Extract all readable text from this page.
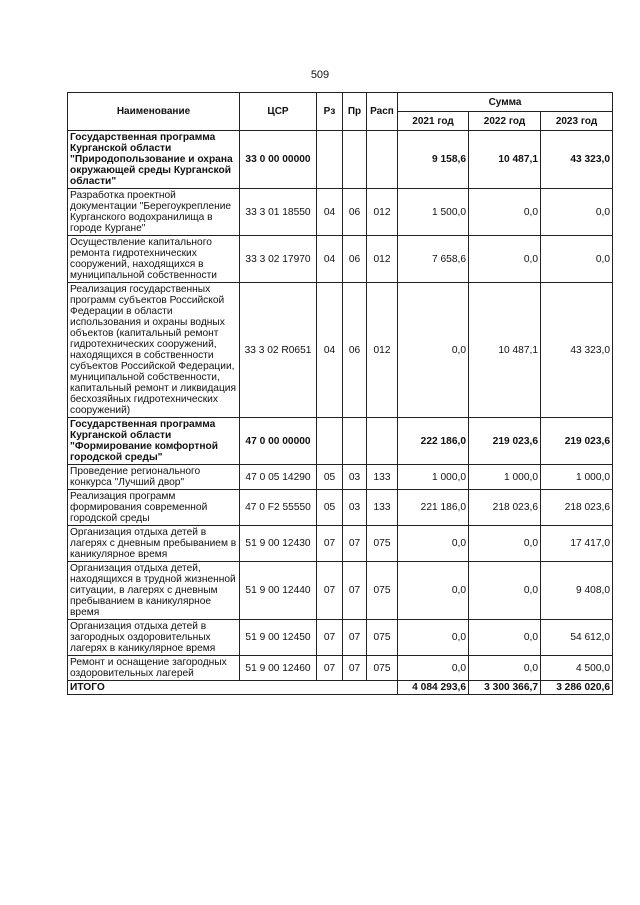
509
Наименование	ЦСР	Рз	Пр	Расп	Сумма		
					2021 год	2022 год	2023 год
Государственная программа Курганской области "Природопользование и охрана окружающей среды Курганской области"	33 0 00 00000				9 158,6	10 487,1	43 323,0
Разработка проектной документации "Берегоукрепление Курганского водохранилища в городе Кургане"	33 3 01 18550	04	06	012	1 500,0	0,0	0,0
Осуществление капитального ремонта гидротехнических сооружений, находящихся в муниципальной собственности	33 3 02 17970	04	06	012	7 658,6	0,0	0,0
Реализация государственных программ субъектов Российской Федерации в области использования и охраны водных объектов (капитальный ремонт гидротехнических сооружений, находящихся в собственности субъектов Российской Федерации, муниципальной собственности, капитальный ремонт и ликвидация бесхозяйных гидротехнических сооружений)	33 3 02 R0651	04	06	012	0,0	10 487,1	43 323,0
Государственная программа Курганской области "Формирование комфортной городской среды"	47 0 00 00000				222 186,0	219 023,6	219 023,6
Проведение регионального конкурса "Лучший двор"	47 0 05 14290	05	03	133	1 000,0	1 000,0	1 000,0
Реализация программ формирования современной городской среды	47 0 F2 55550	05	03	133	221 186,0	218 023,6	218 023,6
Организация отдыха детей в лагерях с дневным пребыванием в каникулярное время	51 9 00 12430	07	07	075	0,0	0,0	17 417,0
Организация отдыха детей, находящихся в трудной жизненной ситуации, в лагерях с дневным пребыванием в каникулярное время	51 9 00 12440	07	07	075	0,0	0,0	9 408,0
Организация отдыха детей в загородных оздоровительных лагерях в каникулярное время	51 9 00 12450	07	07	075	0,0	0,0	54 612,0
Ремонт и оснащение загородных оздоровительных лагерей	51 9 00 12460	07	07	075	0,0	0,0	4 500,0
ИТОГО					4 084 293,6	3 300 366,7	3 286 020,6
